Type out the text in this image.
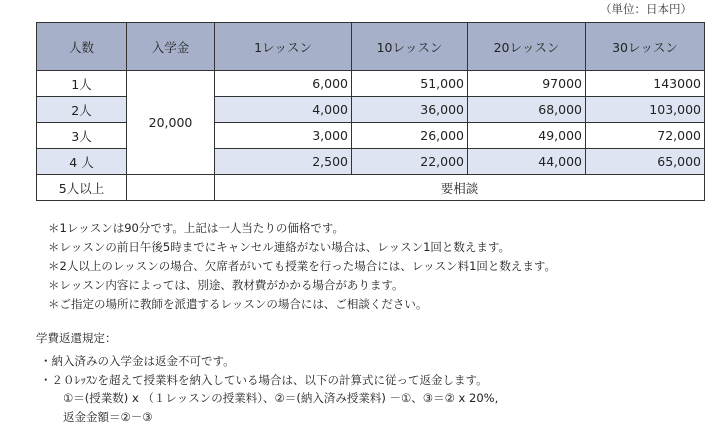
（単位：日本円）
人数	入学金	1レッスン	10レッスン	20レッスン	30レッスン
1人	20,000	6,000	51,000	97000	143000
2人		4,000	36,000	68,000	103,000
3人		3,000	26,000	49,000	72,000
4 人		2,500	22,000	44,000	65,000
5人以上		要相談			
＊1レッスンは90分です。上記は一人当たりの価格です。
＊レッスンの前日午後5時までにキャンセル連絡がない場合は、レッスン1回と数えます。
＊2人以上のレッスンの場合、欠席者がいても授業を行った場合には、レッスン料1回と数えます。
＊レッスン内容によっては、別途、教材費がかかる場合があります。
＊ご指定の場所に教師を派遣するレッスンの場合には、ご相談ください。
学費返還規定：
・納入済みの入学金は返金不可です。
・２０ﾚｯｽﾝを超えて授業料を納入している場合は、以下の計算式に従って返金します。
①＝(授業数) x （１レッスンの授業料）、②＝(納入済み授業料) －①、③＝② x 20%,
返金金額＝②－③
